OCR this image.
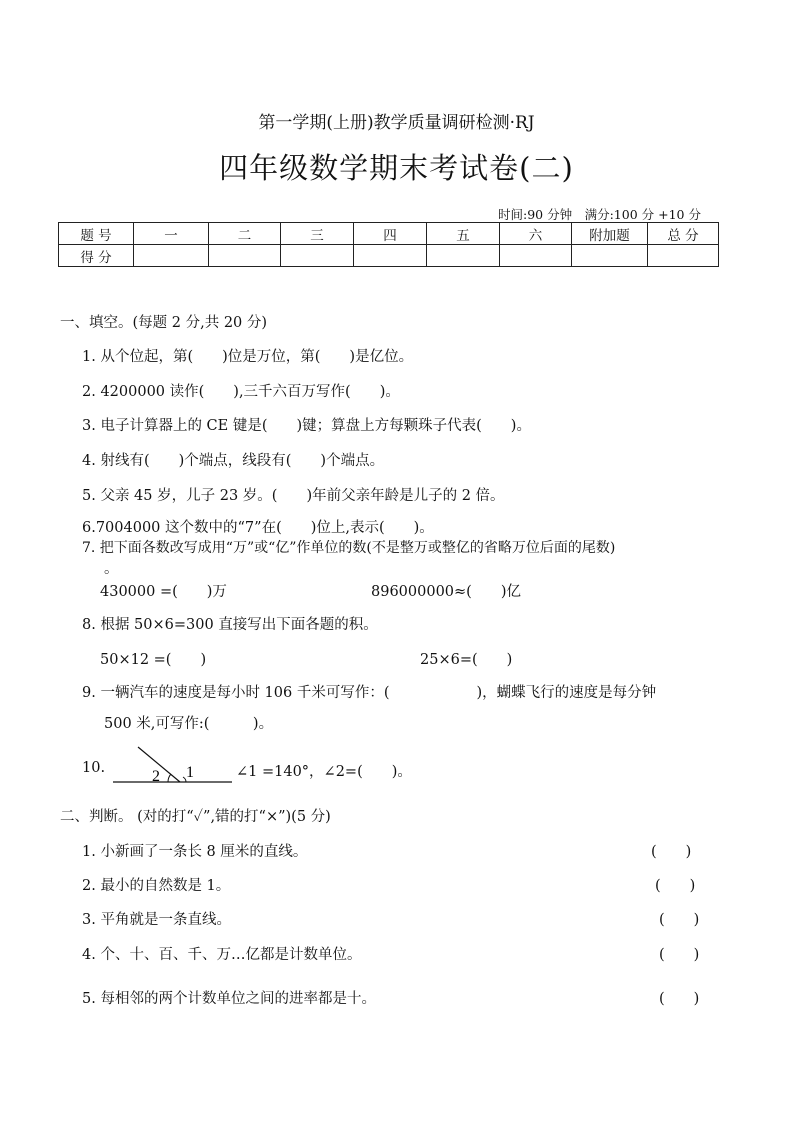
第一学期(上册)教学质量调研检测·RJ
四年级数学期末考试卷(二)
时间:90 分钟　满分:100 分 +10 分
题 号	一	二	三	四	五	六	附加题	总 分
得 分								
一、填空。(每题 2 分,共 20 分)
1. 从个位起，第(　　)位是万位，第(　　)是亿位。
2. 4200000 读作(　　),三千六百万写作(　　)。
3. 电子计算器上的 CE 键是(　　)键；算盘上方每颗珠子代表(　　)。
4. 射线有(　　)个端点，线段有(　　)个端点。
5. 父亲 45 岁，儿子 23 岁。(　　)年前父亲年龄是儿子的 2 倍。
6.7004000 这个数中的“7”在(　　)位上,表示(　　)。
7. 把下面各数改写成用“万”或“亿”作单位的数(不是整万或整亿的省略万位后面的尾数)
。
430000 =(　　)万	896000000≈(　　)亿
8. 根据 50×6=300 直接写出下面各题的积。
50×12 =(　　)	25×6=(　　)
9. 一辆汽车的速度是每小时 106 千米可写作：(　　　　　　)，蝴蝶飞行的速度是每分钟
500 米,可写作:(　　　)。
10.	2 1	∠1 =140°，∠2=(　　)。
二、判断。 (对的打“✓”,错的打“×”)(5 分)
1. 小新画了一条长 8 厘米的直线。	(　　)
2. 最小的自然数是 1。	(　　)
3. 平角就是一条直线。	(　　)
4. 个、十、百、千、万…亿都是计数单位。	(　　)
5. 每相邻的两个计数单位之间的进率都是十。	(　　)
